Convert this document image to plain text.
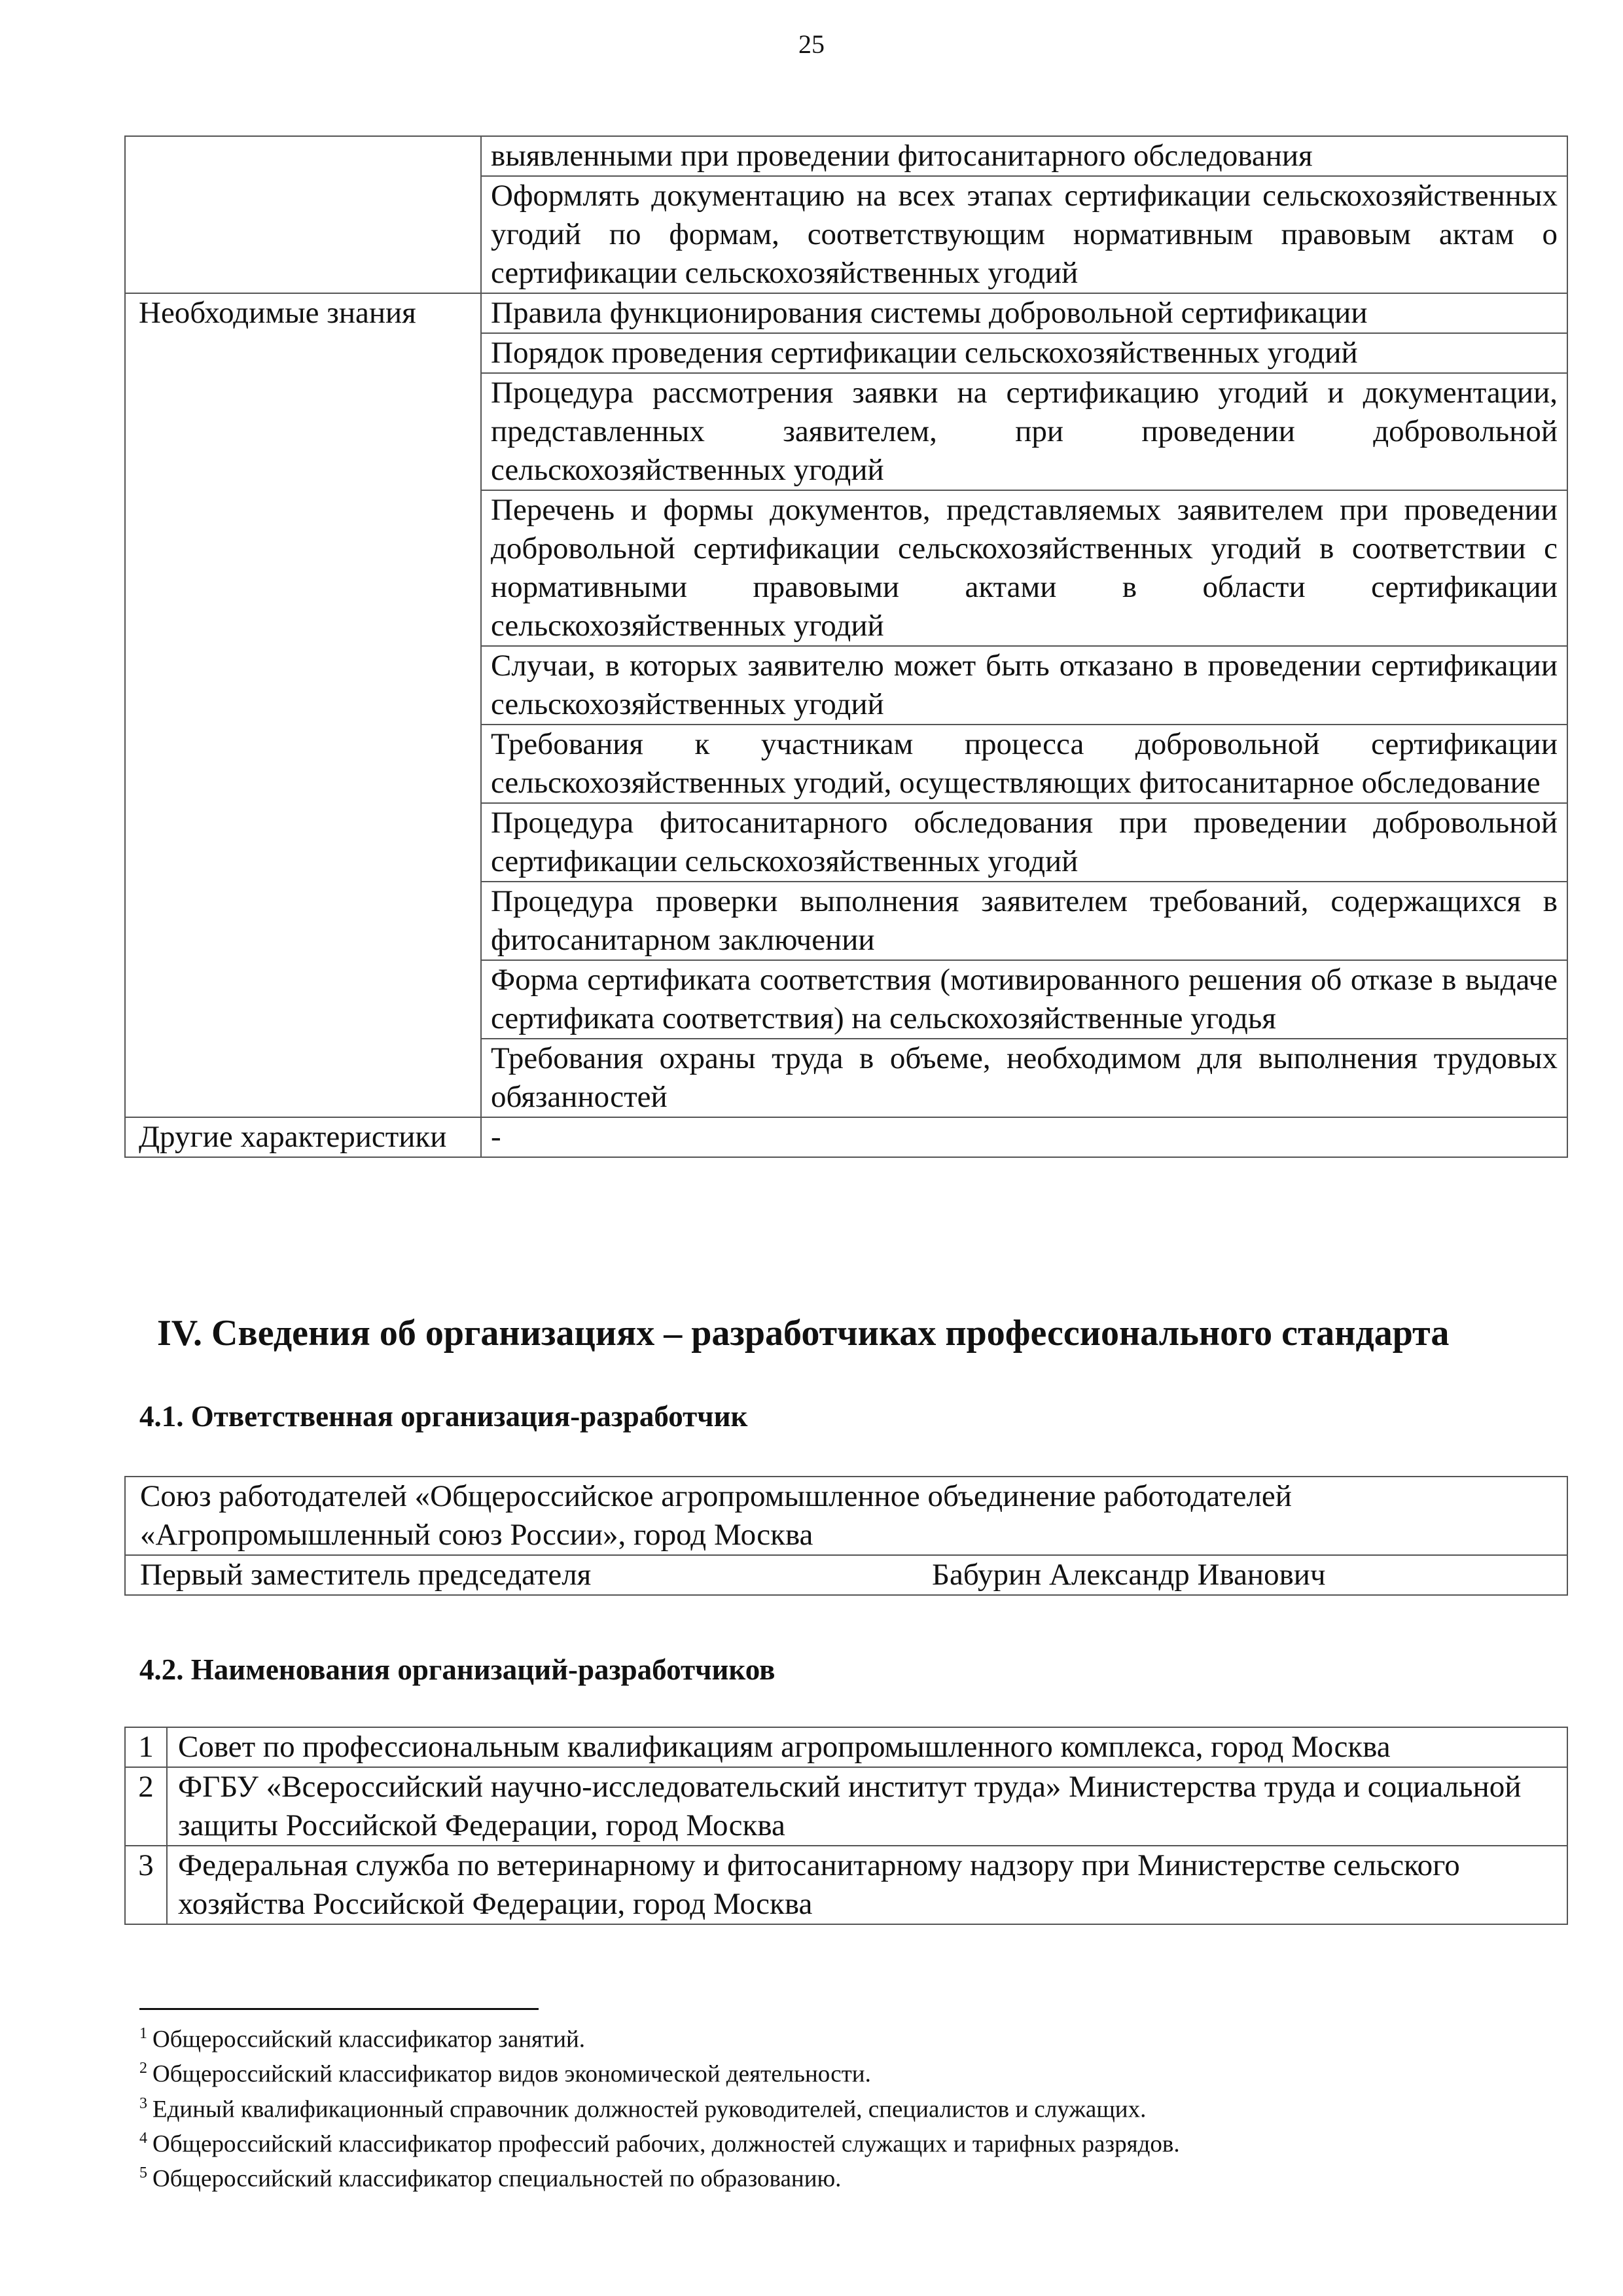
25
	выявленными при проведении фитосанитарного обследования
	Оформлять документацию на всех этапах сертификации сельскохозяйственных угодий по формам, соответствующим нормативным правовым актам о сертификации сельскохозяйственных угодий
Необходимые знания	Правила функционирования системы добровольной сертификации
	Порядок проведения сертификации сельскохозяйственных угодий
	Процедура рассмотрения заявки на сертификацию угодий и документации, представленных заявителем, при проведении добровольной сельскохозяйственных угодий
	Перечень и формы документов, представляемых заявителем при проведении добровольной сертификации сельскохозяйственных угодий в соответствии с нормативными правовыми актами в области сертификации сельскохозяйственных угодий
	Случаи, в которых заявителю может быть отказано в проведении сертификации сельскохозяйственных угодий
	Требования к участникам процесса добровольной сертификации сельскохозяйственных угодий, осуществляющих фитосанитарное обследование
	Процедура фитосанитарного обследования при проведении добровольной сертификации сельскохозяйственных угодий
	Процедура проверки выполнения заявителем требований, содержащихся в фитосанитарном заключении
	Форма сертификата соответствия (мотивированного решения об отказе в выдаче сертификата соответствия) на сельскохозяйственные угодья
	Требования охраны труда в объеме, необходимом для выполнения трудовых обязанностей
Другие характеристики	-
IV. Сведения об организациях – разработчиках профессионального стандарта
4.1. Ответственная организация-разработчик
Союз работодателей «Общероссийское агропромышленное объединение работодателей «Агропромышленный союз России», город Москва
Первый заместитель председателя	Бабурин Александр Иванович
4.2. Наименования организаций-разработчиков
1	Совет по профессиональным квалификациям агропромышленного комплекса, город Москва
2	ФГБУ «Всероссийский научно-исследовательский институт труда» Министерства труда и социальной защиты Российской Федерации, город Москва
3	Федеральная служба по ветеринарному и фитосанитарному надзору при Министерстве сельского хозяйства Российской Федерации, город Москва
$^1$ Общероссийский классификатор занятий.
$^2$ Общероссийский классификатор видов экономической деятельности.
$^3$ Единый квалификационный справочник должностей руководителей, специалистов и служащих.
$^4$ Общероссийский классификатор профессий рабочих, должностей служащих и тарифных разрядов.
$^5$ Общероссийский классификатор специальностей по образованию.
